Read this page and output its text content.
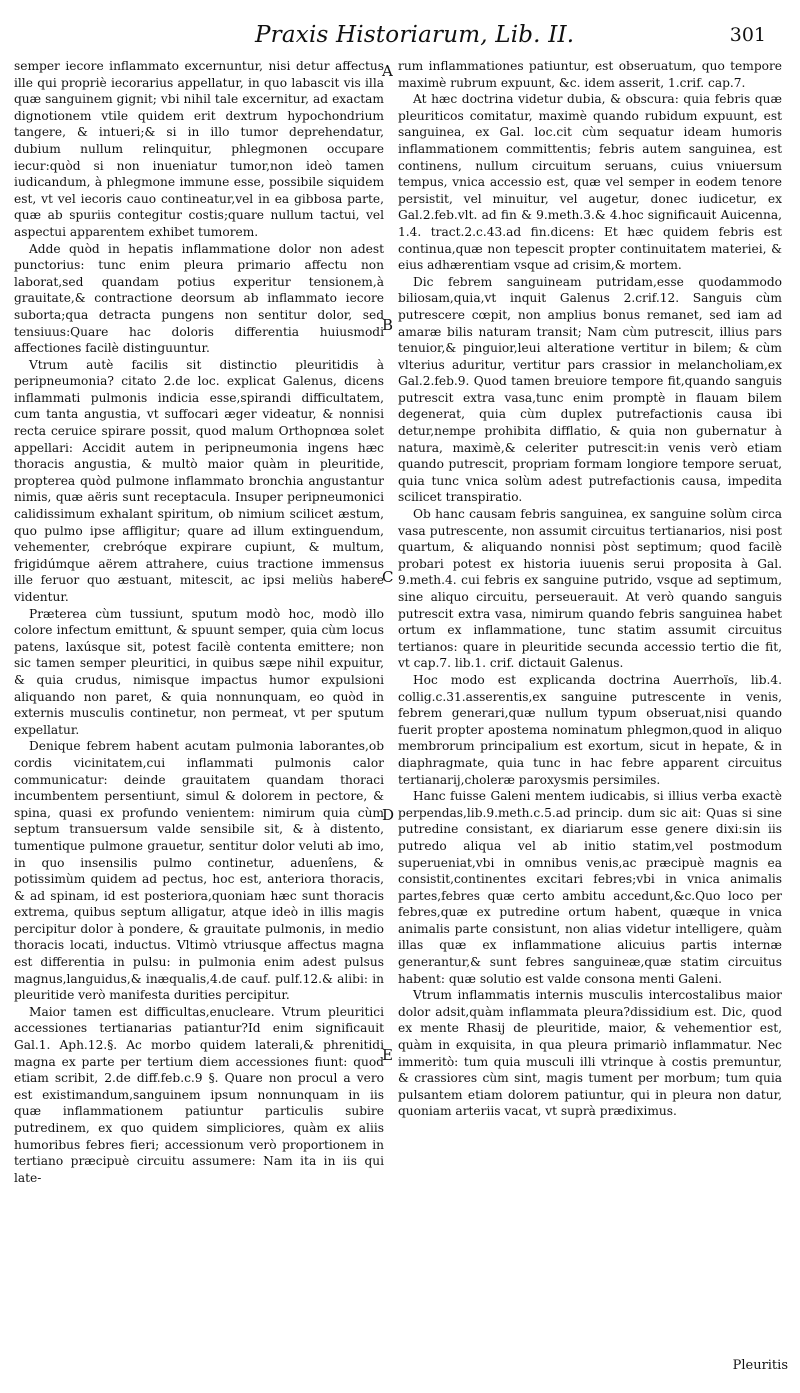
Praxis Historiarum, Lib. II.	301

semper iecore inflammato excernuntur, nisi detur affectus ille qui propriè iecorarius appellatur, in quo labascit vis illa quæ sanguinem gignit; vbi nihil tale excernitur, ad exactam dignotionem vtile quidem erit dextrum hypochondrium tangere, & intueri;& si in illo tumor deprehendatur, dubium nullum relinquitur, phlegmonen occupare iecur:quòd si non inueniatur tumor,non ideò tamen iudicandum, à phlegmone immune esse, possibile siquidem est, vt vel iecoris cauo contineatur,vel in ea gibbosa parte, quæ ab spuriis contegitur costis;quare nullum tactui, vel aspectui apparentem exhibet tumorem.

Adde quòd in hepatis inflammatione dolor non adest punctorius: tunc enim pleura primario affectu non laborat,sed quandam potius experitur tensionem,à grauitate,& contractione deorsum ab inflammato iecore suborta;qua detracta pungens non sentitur dolor, sed tensiuus:Quare hac doloris differentia huiusmodi affectiones facilè distinguuntur.

Vtrum autè facilis sit distinctio pleuritidis à peripneumonia? citato 2.de loc. explicat Galenus, dicens inflammati pulmonis indicia esse,spirandi difficultatem, cum tanta angustia, vt suffocari æger videatur, & nonnisi recta ceruice spirare possit, quod malum Orthopnœa solet appellari: Accidit autem in peripneumonia ingens hæc thoracis angustia, & multò maior quàm in pleuritide, propterea quòd pulmone inflammato bronchia angustantur nimis, quæ aëris sunt receptacula. Insuper peripneumonici calidissimum exhalant spiritum, ob nimium scilicet æstum, quo pulmo ipse affligitur; quare ad illum extinguendum, vehementer, crebróque expirare cupiunt, & multum, frigidúmque aërem attrahere, cuius tractione immensus ille feruor quo æstuant, mitescit, ac ipsi meliùs habere videntur.

Præterea cùm tussiunt, sputum modò hoc, modò illo colore infectum emittunt, & spuunt semper, quia cùm locus patens, laxúsque sit, potest facilè contenta emittere; non sic tamen semper pleuritici, in quibus sæpe nihil expuitur, & quia crudus, nimisque impactus humor expulsioni aliquando non paret, & quia nonnunquam, eo quòd in externis musculis continetur, non permeat, vt per sputum expellatur.

Denique febrem habent acutam pulmonia laborantes,ob cordis vicinitatem,cui inflammati pulmonis calor communicatur: deinde grauitatem quandam thoraci incumbentem persentiunt, simul & dolorem in pectore, & spina, quasi ex profundo venientem: nimirum quia cùm septum transuersum valde sensibile sit, & à distento, tumentique pulmone grauetur, sentitur dolor veluti ab imo, in quo insensilis pulmo continetur, aduenîens, & potissimùm quidem ad pectus, hoc est, anteriora thoracis, & ad spinam, id est posteriora,quoniam hæc sunt thoracis extrema, quibus septum alligatur, atque ideò in illis magis percipitur dolor à pondere, & grauitate pulmonis, in medio thoracis locati, inductus. Vltimò vtriusque affectus magna est differentia in pulsu: in pulmonia enim adest pulsus magnus,languidus,& inæqualis,4.de cauf. pulf.12.& alibi: in pleuritide verò manifesta durities percipitur.

Maior tamen est difficultas,enucleare. Vtrum pleuritici accessiones tertianarias patiantur?Id enim significauit Gal.1. Aph.12.§. Ac morbo quidem laterali,& phrenitidi magna ex parte per tertium diem accessiones fiunt: quod etiam scribit, 2.de diff.feb.c.9 §. Quare non procul a vero est existimandum,sanguinem ipsum nonnunquam in iis quæ inflammationem patiuntur particulis subire putredinem, ex quo quidem simpliciores, quàm ex aliis humoribus febres fieri; accessionum verò proportionem in tertiano præcipuè circuitu assumere: Nam ita in iis qui late-

rum inflammationes patiuntur, est obseruatum, quo tempore maximè rubrum expuunt, &c. idem asserit, 1.crif. cap.7.

At hæc doctrina videtur dubia, & obscura: quia febris quæ pleuriticos comitatur, maximè quando rubidum expuunt, est sanguinea, ex Gal. loc.cit cùm sequatur ideam humoris inflammationem committentis; febris autem sanguinea, est continens, nullum circuitum seruans, cuius vniuersum tempus, vnica accessio est, quæ vel semper in eodem tenore persistit, vel minuitur, vel augetur, donec iudicetur, ex Gal.2.feb.vlt. ad fin & 9.meth.3.& 4.hoc significauit Auicenna, 1.4. tract.2.c.43.ad fin.dicens: Et hæc quidem febris est continua,quæ non tepescit propter continuitatem materiei, & eius adhærentiam vsque ad crisim,& mortem.

Dic febrem sanguineam putridam,esse quodammodo biliosam,quia,vt inquit Galenus 2.crif.12. Sanguis cùm putrescere cœpit, non amplius bonus remanet, sed iam ad amaræ bilis naturam transit; Nam cùm putrescit, illius pars tenuior,& pinguior,leui alteratione vertitur in bilem; & cùm vlterius aduritur, vertitur pars crassior in melancholiam,ex Gal.2.feb.9. Quod tamen breuiore tempore fit,quando sanguis putrescit extra vasa,tunc enim promptè in flauam bilem degenerat, quia cùm duplex putrefactionis causa ibi detur,nempe prohibita difflatio, & quia non gubernatur à natura, maximè,& celeriter putrescit:in venis verò etiam quando putrescit, propriam formam longiore tempore seruat, quia tunc vnica solùm adest putrefactionis causa, impedita scilicet transpiratio.

Ob hanc causam febris sanguinea, ex sanguine solùm circa vasa putrescente, non assumit circuitus tertianarios, nisi post quartum, & aliquando nonnisi pòst septimum; quod facilè probari potest ex historia iuuenis serui proposita à Gal. 9.meth.4. cui febris ex sanguine putrido, vsque ad septimum, sine aliquo circuitu, perseuerauit. At verò quando sanguis putrescit extra vasa, nimirum quando febris sanguinea habet ortum ex inflammatione, tunc statim assumit circuitus tertianos: quare in pleuritide secunda accessio tertio die fit, vt cap.7. lib.1. crif. dictauit Galenus.

Hoc modo est explicanda doctrina Auerrhoïs, lib.4. collig.c.31.asserentis,ex sanguine putrescente in venis, febrem generari,quæ nullum typum obseruat,nisi quando fuerit propter apostema nominatum phlegmon,quod in aliquo membrorum principalium est exortum, sicut in hepate, & in diaphragmate, quia tunc in hac febre apparent circuitus tertianarij,choleræ paroxysmis persimiles.

Hanc fuisse Galeni mentem iudicabis, si illius verba exactè perpendas,lib.9.meth.c.5.ad princip. dum sic ait: Quas si sine putredine consistant, ex diariarum esse genere dixi:sin iis putredo aliqua vel ab initio statim,vel postmodum superueniat,vbi in omnibus venis,ac præcipuè magnis ea consistit,continentes excitari febres;vbi in vnica animalis partes,febres quæ certo ambitu accedunt,&c.Quo loco per febres,quæ ex putredine ortum habent, quæque in vnica animalis parte consistunt, non alias videtur intelligere, quàm illas quæ ex inflammatione alicuius partis internæ generantur,& sunt febres sanguineæ,quæ statim circuitus habent: quæ solutio est valde consona menti Galeni.

Vtrum inflammatis internis musculis intercostalibus maior dolor adsit,quàm inflammata pleura?dissidium est. Dic, quod ex mente Rhasij de pleuritide, maior, & vehementior est, quàm in exquisita, in qua pleura primariò inflammatur. Nec immeritò: tum quia musculi illi vtrinque à costis premuntur, & crassiores cùm sint, magis tument per morbum; tum quia pulsantem etiam dolorem patiuntur, qui in pleura non datur, quoniam arteriis vacat, vt suprà prædiximus.

A
B
C
D
E
Pleuritis
